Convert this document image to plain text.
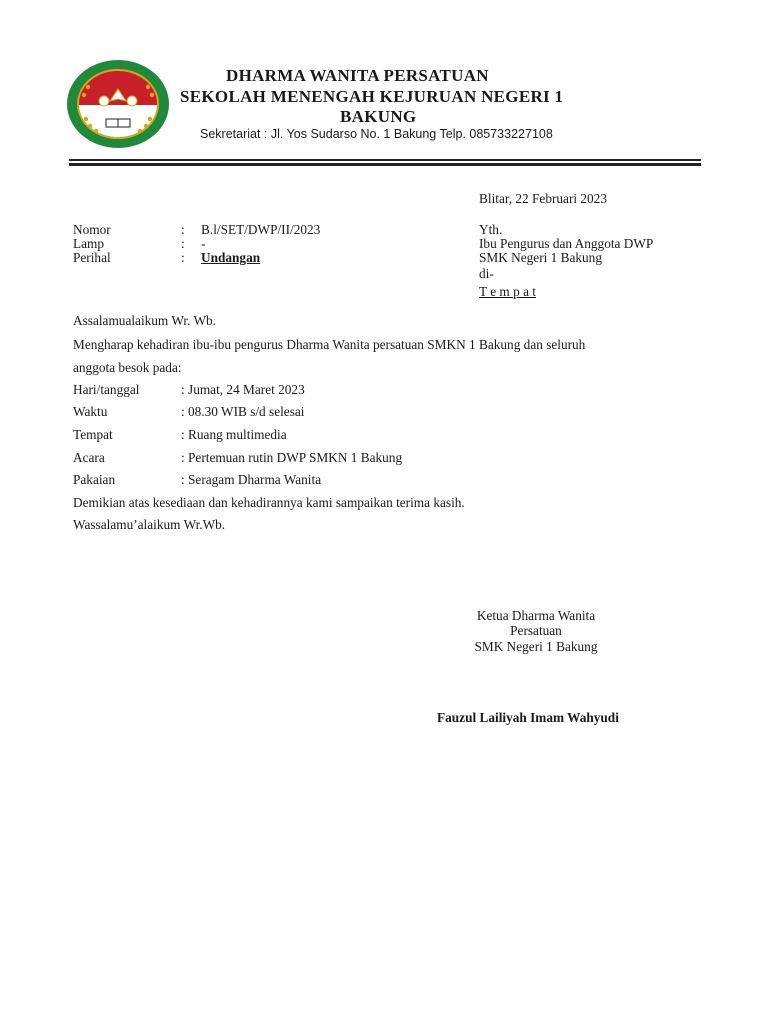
DHARMA WANITA PERSATUAN
SEKOLAH MENENGAH KEJURUAN NEGERI 1
BAKUNG
Sekretariat : Jl. Yos Sudarso No. 1 Bakung Telp. 085733227108
Blitar, 22 Februari 2023
Nomor	: B.l/SET/DWP/II/2023
Lamp	: -
Perihal	: Undangan
Yth.
Ibu Pengurus dan Anggota DWP
SMK Negeri 1 Bakung
di-
T e m p a t
Assalamualaikum Wr. Wb.
Mengharap kehadiran ibu-ibu pengurus Dharma Wanita persatuan SMKN 1 Bakung dan seluruh
anggota besok pada:
Hari/tanggal	: Jumat, 24 Maret 2023
Waktu	: 08.30 WIB s/d selesai
Tempat	: Ruang multimedia
Acara	: Pertemuan rutin DWP SMKN 1 Bakung
Pakaian	: Seragam Dharma Wanita
Demikian atas kesediaan dan kehadirannya kami sampaikan terima kasih.
Wassalamu’alaikum Wr.Wb.
Ketua Dharma Wanita
Persatuan
SMK Negeri 1 Bakung
Fauzul Lailiyah Imam Wahyudi
